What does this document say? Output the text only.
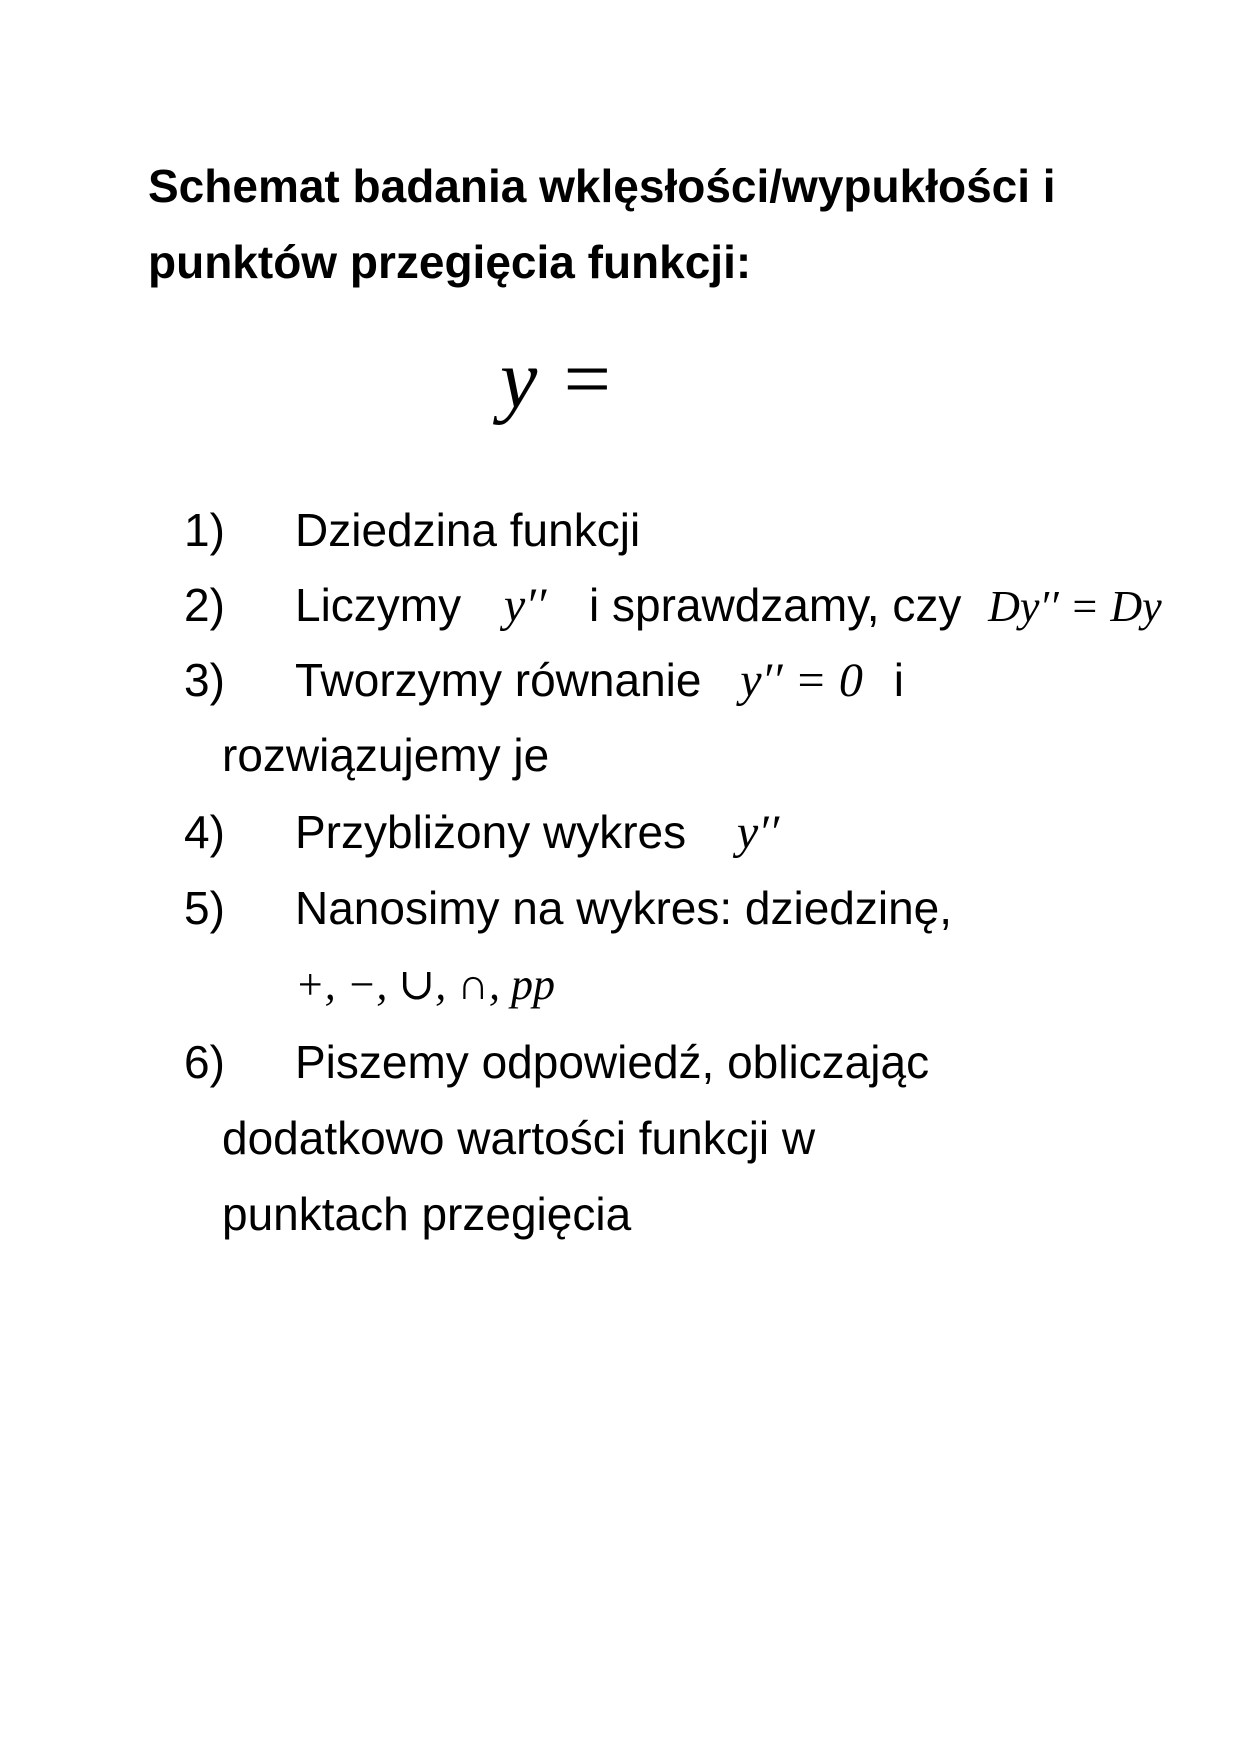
Schemat badania wklęsłości/wypukłości i
punktów przegięcia funkcji:
y =
1) Dziedzina funkcji
2) Liczymy y′′ i sprawdzamy, czy Dy′′ = Dy
3) Tworzymy równanie y′′ = 0 i
rozwiązujemy je
4) Przybliżony wykres y′′
5) Nanosimy na wykres: dziedzinę,
+, −, ∪, ∩, pp
6) Piszemy odpowiedź, obliczając
dodatkowo wartości funkcji w
punktach przegięcia
